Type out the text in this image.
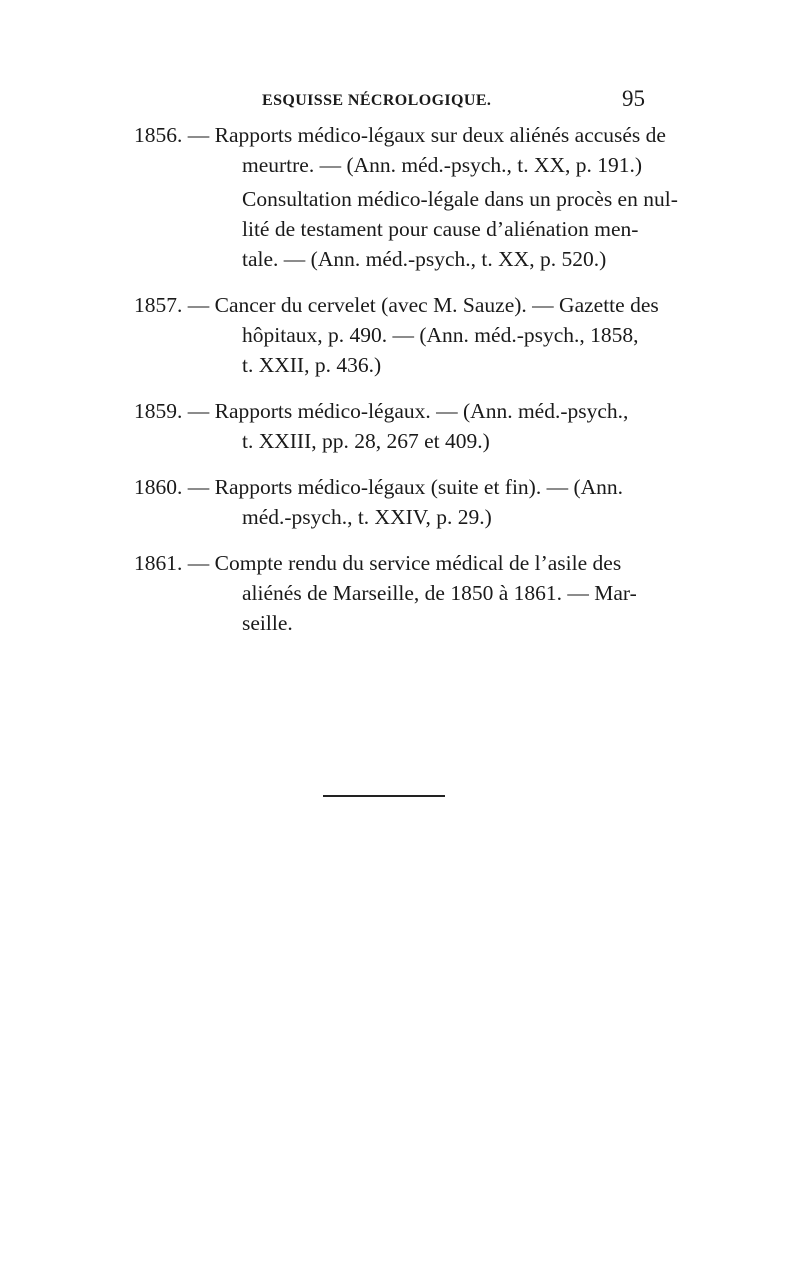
ESQUISSE NÉCROLOGIQUE.	95
1856. — Rapports médico-légaux sur deux aliénés accusés de
meurtre. — (Ann. méd.-psych., t. XX, p. 191.)
Consultation médico-légale dans un procès en nul-
lité de testament pour cause d’aliénation men-
tale. — (Ann. méd.-psych., t. XX, p. 520.)
1857. — Cancer du cervelet (avec M. Sauze). — Gazette des
hôpitaux, p. 490. — (Ann. méd.-psych., 1858,
t. XXII, p. 436.)
1859. — Rapports médico-légaux. — (Ann. méd.-psych.,
t. XXIII, pp. 28, 267 et 409.)
1860. — Rapports médico-légaux (suite et fin). — (Ann.
méd.-psych., t. XXIV, p. 29.)
1861. — Compte rendu du service médical de l’asile des
aliénés de Marseille, de 1850 à 1861. — Mar-
seille.
